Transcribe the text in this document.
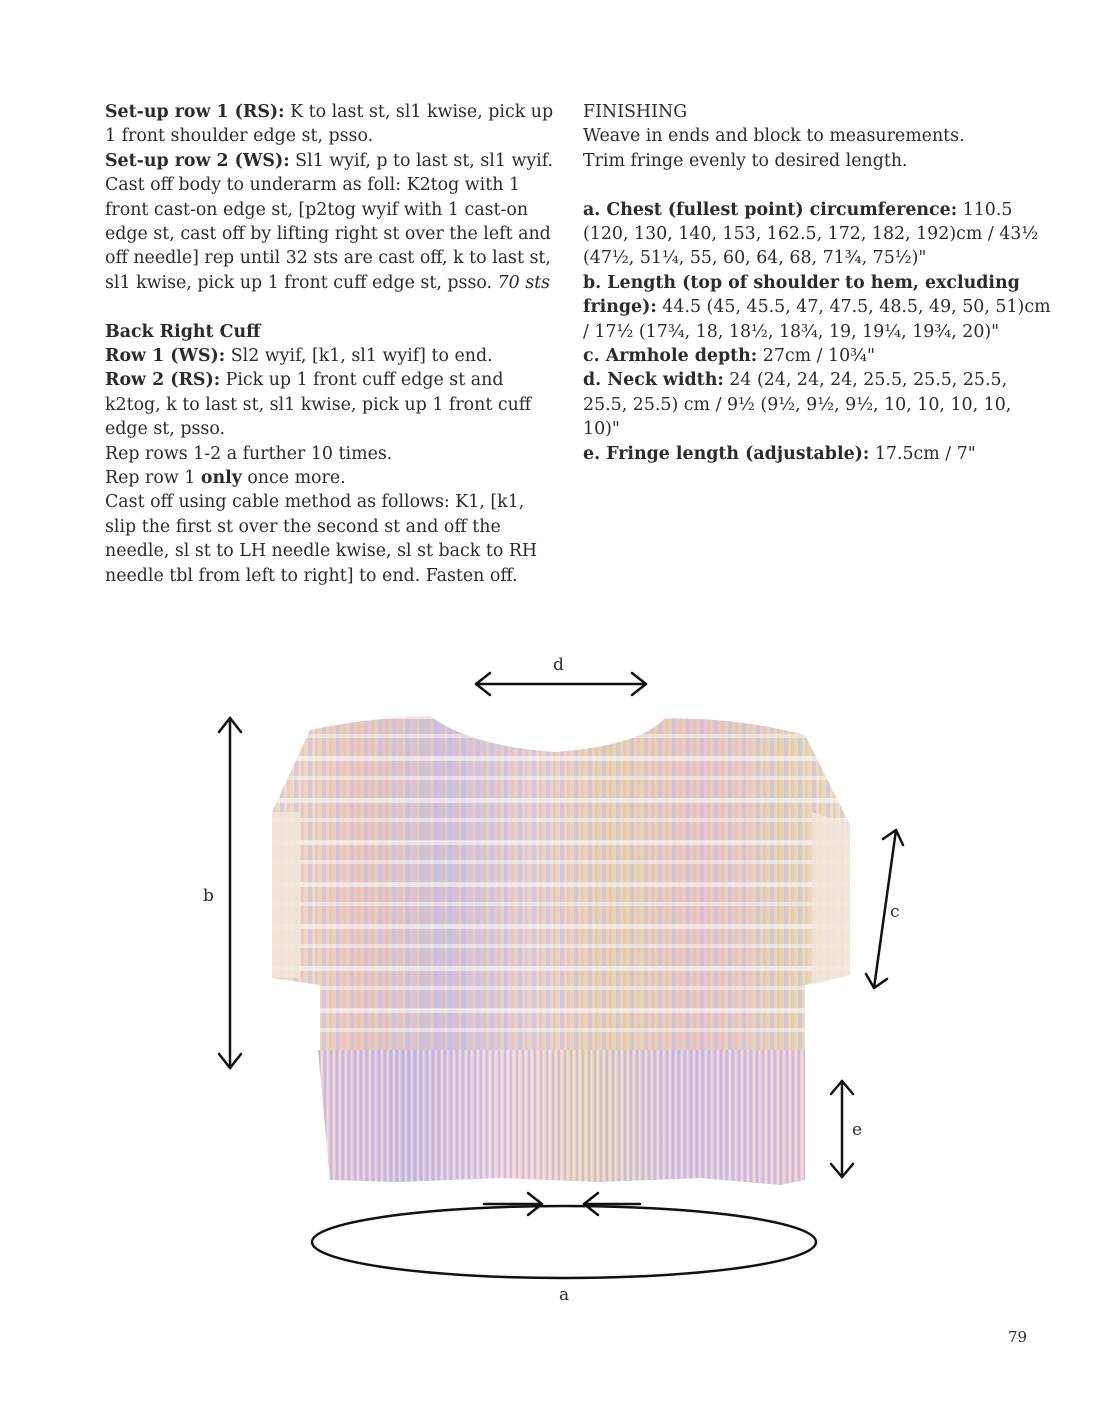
Set-up row 1 (RS): K to last st, sl1 kwise, pick up 1 front shoulder edge st, psso.

Set-up row 2 (WS): Sl1 wyif, p to last st, sl1 wyif.

Cast off body to underarm as foll: K2tog with 1 front cast-on edge st, [p2tog wyif with 1 cast-on edge st, cast off by lifting right st over the left and off needle] rep until 32 sts are cast off, k to last st, sl1 kwise, pick up 1 front cuff edge st, psso. 70 sts

Back Right Cuff

Row 1 (WS): Sl2 wyif, [k1, sl1 wyif] to end.

Row 2 (RS): Pick up 1 front cuff edge st and k2tog, k to last st, sl1 kwise, pick up 1 front cuff edge st, psso.

Rep rows 1-2 a further 10 times.

Rep row 1 only once more.

Cast off using cable method as follows: K1, [k1, slip the first st over the second st and off the needle, sl st to LH needle kwise, sl st back to RH needle tbl from left to right] to end. Fasten off.

FINISHING

Weave in ends and block to measurements.

Trim fringe evenly to desired length.

a. Chest (fullest point) circumference: 110.5 (120, 130, 140, 153, 162.5, 172, 182, 192)cm / 43½ (47½, 51¼, 55, 60, 64, 68, 71¾, 75½)"

b. Length (top of shoulder to hem, excluding fringe): 44.5 (45, 45.5, 47, 47.5, 48.5, 49, 50, 51)cm / 17½ (17¾, 18, 18½, 18¾, 19, 19¼, 19¾, 20)"

c. Armhole depth: 27cm / 10¾"

d. Neck width: 24 (24, 24, 24, 25.5, 25.5, 25.5, 25.5, 25.5) cm / 9½ (9½, 9½, 9½, 10, 10, 10, 10, 10)"

e. Fringe length (adjustable): 17.5cm / 7"

d
b
c
e
a
79
